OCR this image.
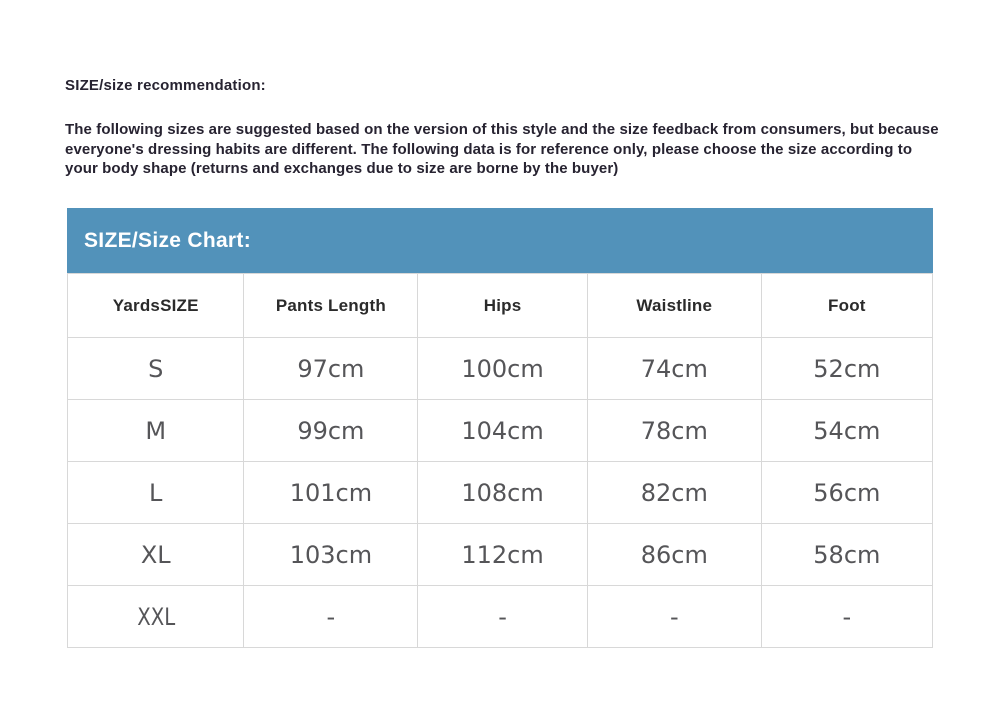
SIZE/size recommendation:
The following sizes are suggested based on the version of this style and the size feedback from consumers, but because everyone's dressing habits are different. The following data is for reference only, please choose the size according to your body shape (returns and exchanges due to size are borne by the buyer)
SIZE/Size Chart:
YardsSIZE	Pants Length	Hips	Waistline	Foot
S	97cm	100cm	74cm	52cm
M	99cm	104cm	78cm	54cm
L	101cm	108cm	82cm	56cm
XL	103cm	112cm	86cm	58cm
XXL	-	-	-	-
